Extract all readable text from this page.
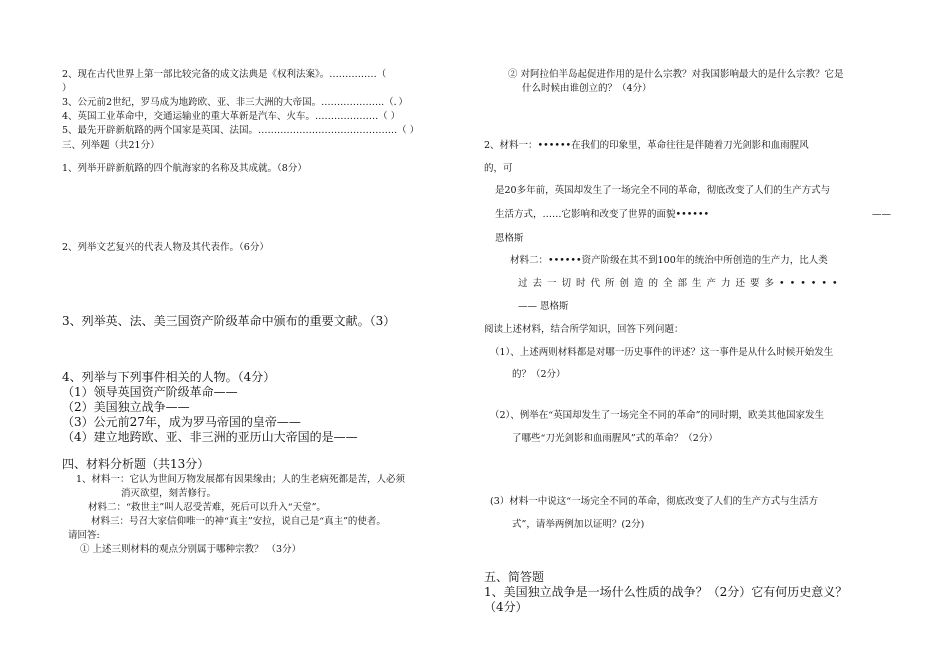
2、现在古代世界上第一部比较完备的成文法典是《权利法案》。……………（
）
3、公元前2世纪，罗马成为地跨欧、亚、非三大洲的大帝国。………………..（．）
4、英国工业革命中，交通运输业的重大革新是汽车、火车。………………..（ ）
5、最先开辟新航路的两个国家是英国、法国。……………………………………..（ ）
三、列举题（共21分）
1、列举开辟新航路的四个航海家的名称及其成就。（8分）
2、列举文艺复兴的代表人物及其代表作。（6分）
3、列举英、法、美三国资产阶级革命中颁布的重要文献。（3）
4、列举与下列事件相关的人物。（4分）
（1）领导英国资产阶级革命——
（2）美国独立战争——
（3）公元前27年，成为罗马帝国的皇帝——
（4）建立地跨欧、亚、非三洲的亚历山大帝国的是——
四、材料分析题（共13分）
1、材料一：它认为世间万物发展都有因果缘由；人的生老病死都是苦，人必须
消灭欲望，刻苦修行。
材料二：“救世主”叫人忍受苦难，死后可以升入“天堂”。
材料三：号召大家信仰唯一的神“真主”安拉，说自己是“真主”的使者。
请回答:
① 上述三则材料的观点分别属于哪种宗教？ （3分）
② 对阿拉伯半岛起促进作用的是什么宗教？对我国影响最大的是什么宗教？它是
什么时候由谁创立的？（4分）
2、材料一：••••••在我们的印象里，革命往往是伴随着刀光剑影和血雨腥风
的，可
是20多年前，英国却发生了一场完全不同的革命，彻底改变了人们的生产方式与
生活方式，……它影响和改变了世界的面貌••••••	——
恩格斯
材料二：••••••资产阶级在其不到100年的统治中所创造的生产力，比人类
过去一切时代所创造的全部生产力还要多••••••
—— 恩格斯
阅读上述材料，结合所学知识，回答下列问题：
（1）、上述两则材料都是对哪一历史事件的评述？这一事件是从什么时候开始发生
的？（2分）
（2）、例举在“英国却发生了一场完全不同的革命”的同时期，欧美其他国家发生
了哪些“刀光剑影和血雨腥风”式的革命？（2分）
(3）材料一中说这“一场完全不同的革命，彻底改变了人们的生产方式与生活方
式”，请举两例加以证明？(2分)
五、简答题
1、美国独立战争是一场什么性质的战争？（2分）它有何历史意义？
（4分）
